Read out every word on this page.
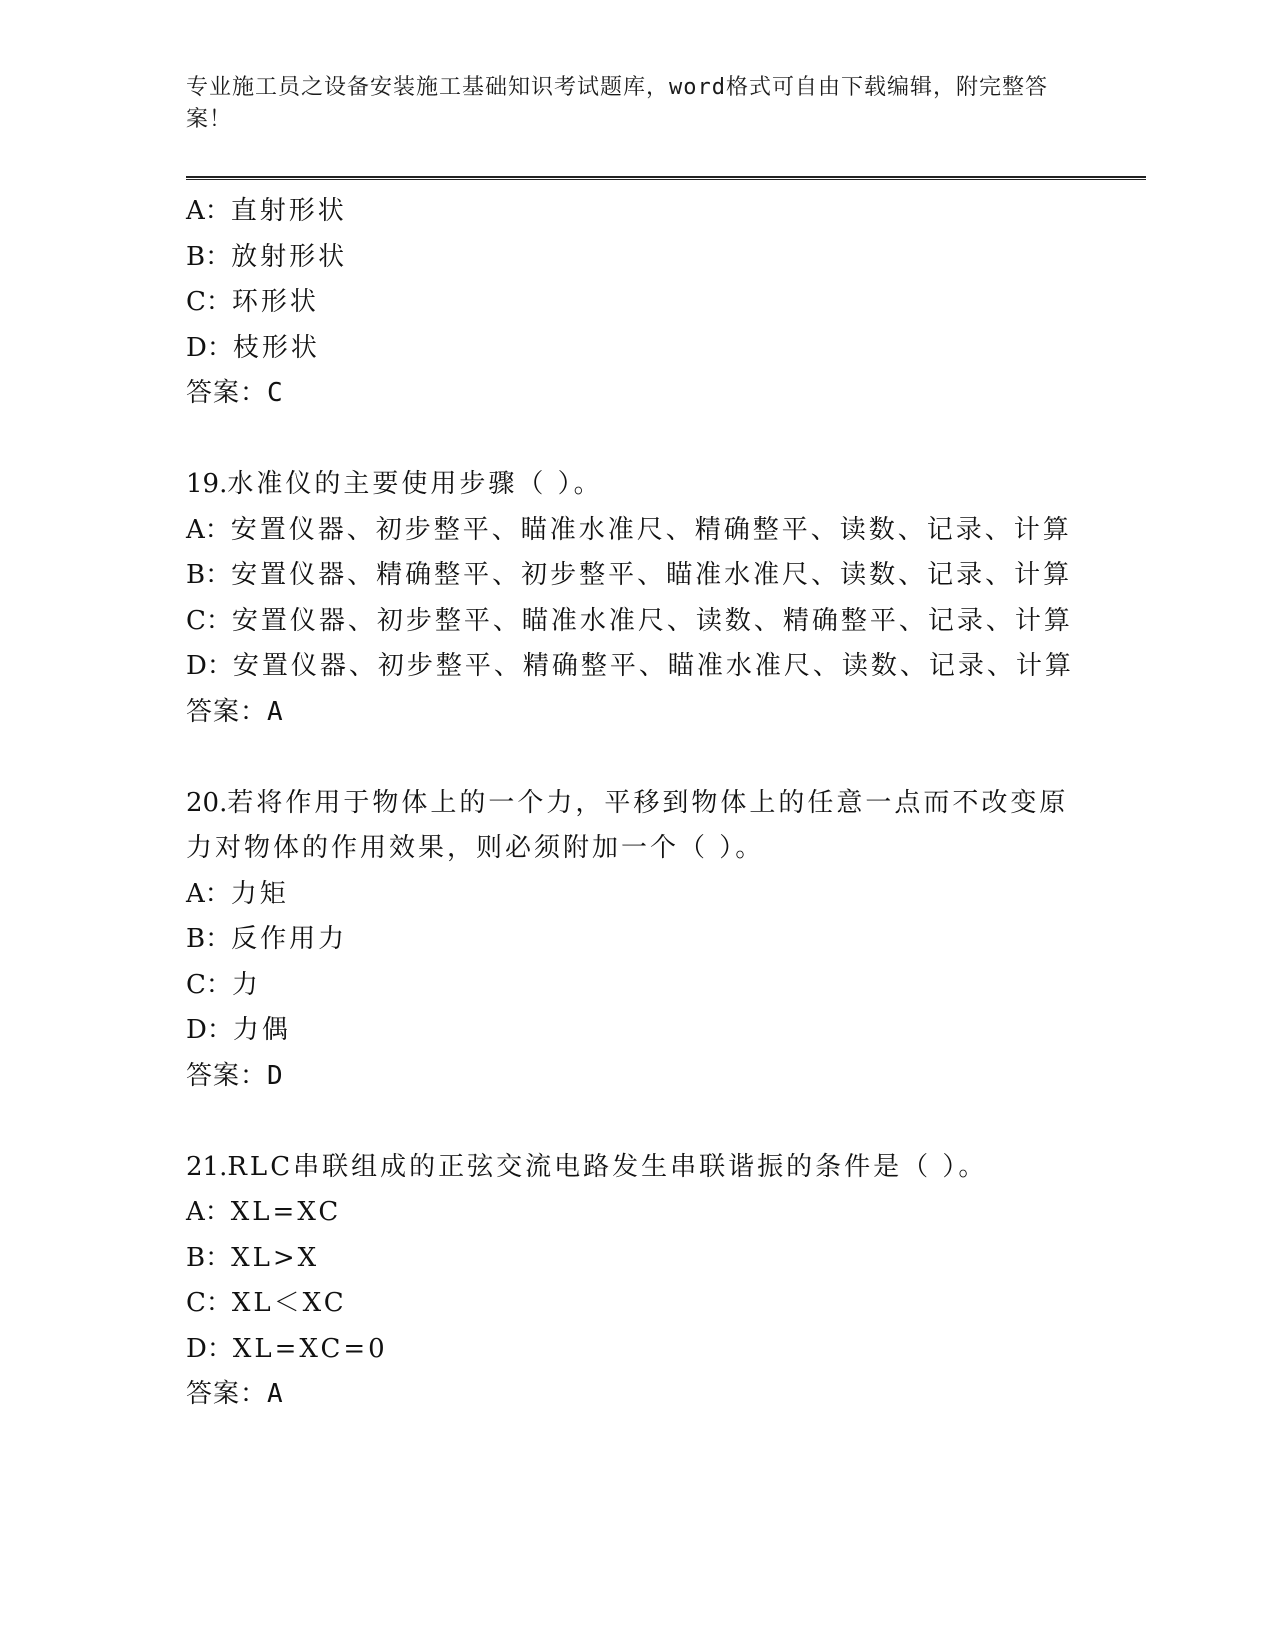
专业施工员之设备安装施工基础知识考试题库，word格式可自由下载编辑，附完整答案！
A：直射形状
B：放射形状
C：环形状
D：枝形状
答案：C
19.水准仪的主要使用步骤（ ）。
A：安置仪器、初步整平、瞄准水准尺、精确整平、读数、记录、计算
B：安置仪器、精确整平、初步整平、瞄准水准尺、读数、记录、计算
C：安置仪器、初步整平、瞄准水准尺、读数、精确整平、记录、计算
D：安置仪器、初步整平、精确整平、瞄准水准尺、读数、记录、计算
答案：A
20.若将作用于物体上的一个力，平移到物体上的任意一点而不改变原
力对物体的作用效果，则必须附加一个（ ）。
A：力矩
B：反作用力
C：力
D：力偶
答案：D
21.RLC串联组成的正弦交流电路发生串联谐振的条件是（ ）。
A：XL=XC
B：XL>X
C：XL＜XC
D：XL=XC=0
答案：A
